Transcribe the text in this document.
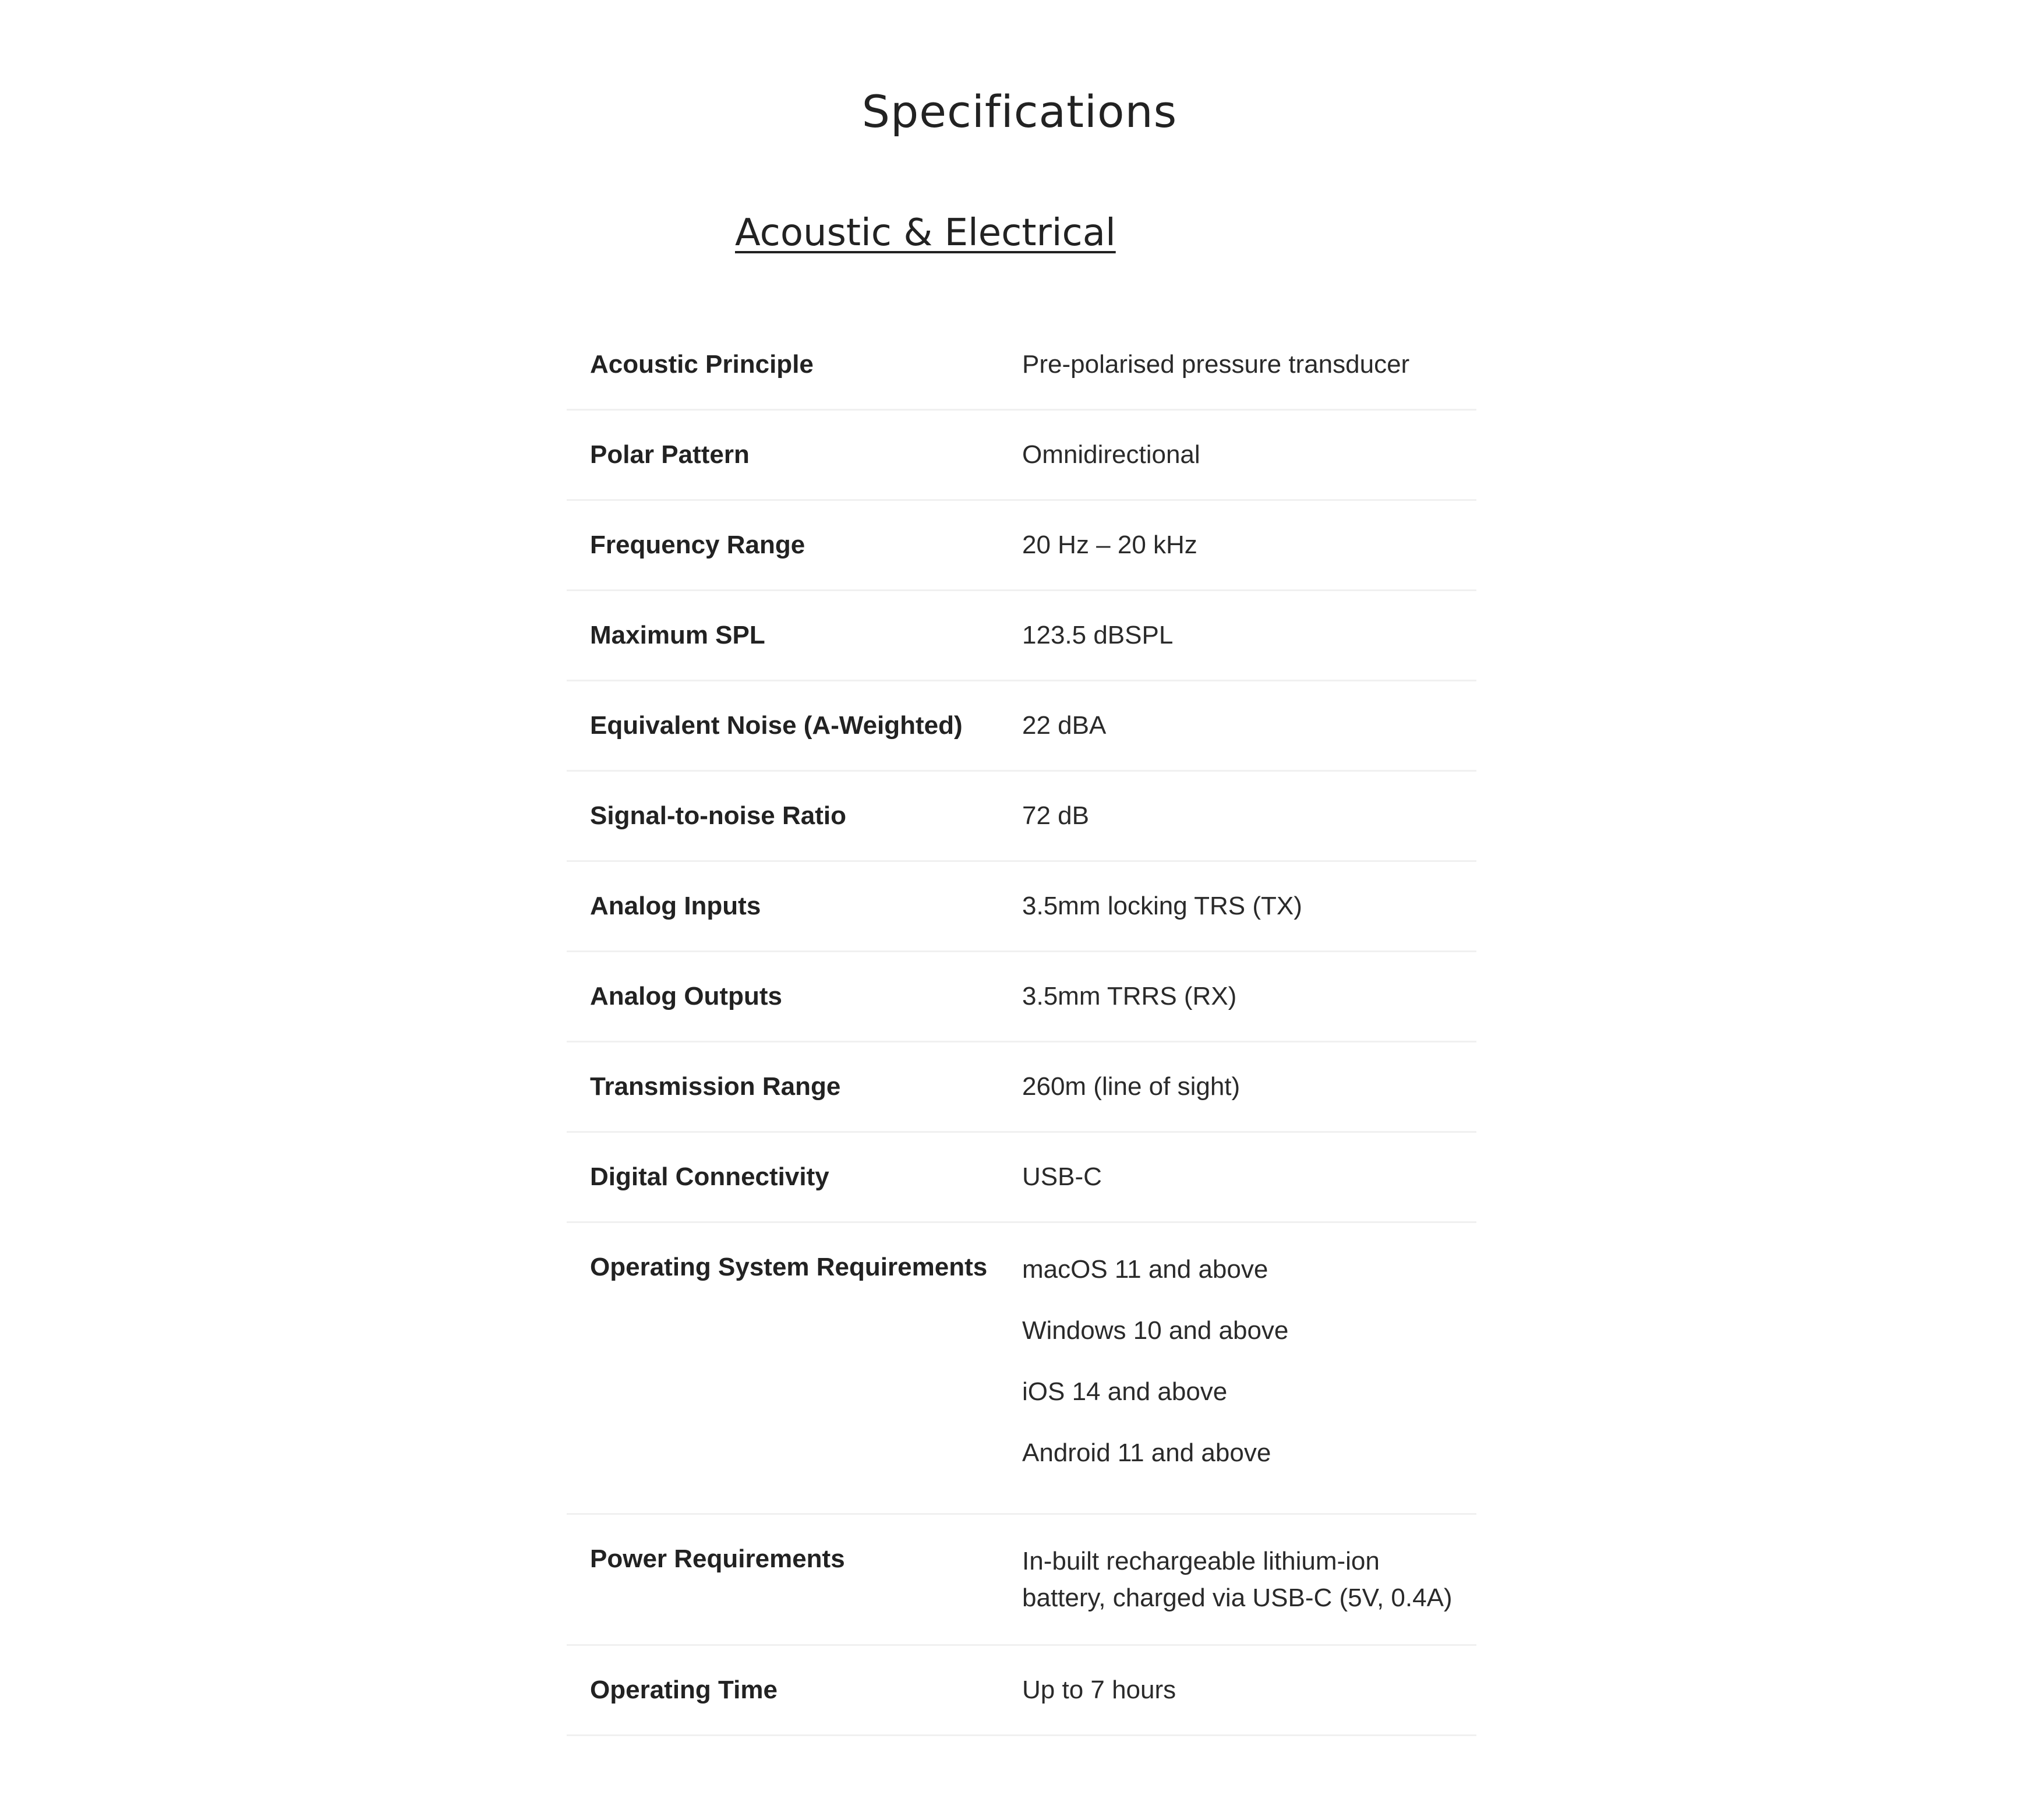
Specifications
Acoustic & Electrical
Acoustic Principle	Pre-polarised pressure transducer
Polar Pattern	Omnidirectional
Frequency Range	20 Hz – 20 kHz
Maximum SPL	123.5 dBSPL
Equivalent Noise (A-Weighted)	22 dBA
Signal-to-noise Ratio	72 dB
Analog Inputs	3.5mm locking TRS (TX)
Analog Outputs	3.5mm TRRS (RX)
Transmission Range	260m (line of sight)
Digital Connectivity	USB-C
Operating System Requirements	macOS 11 and above
Windows 10 and above
iOS 14 and above
Android 11 and above
Power Requirements	In-built rechargeable lithium-ion battery, charged via USB-C (5V, 0.4A)
Operating Time	Up to 7 hours
